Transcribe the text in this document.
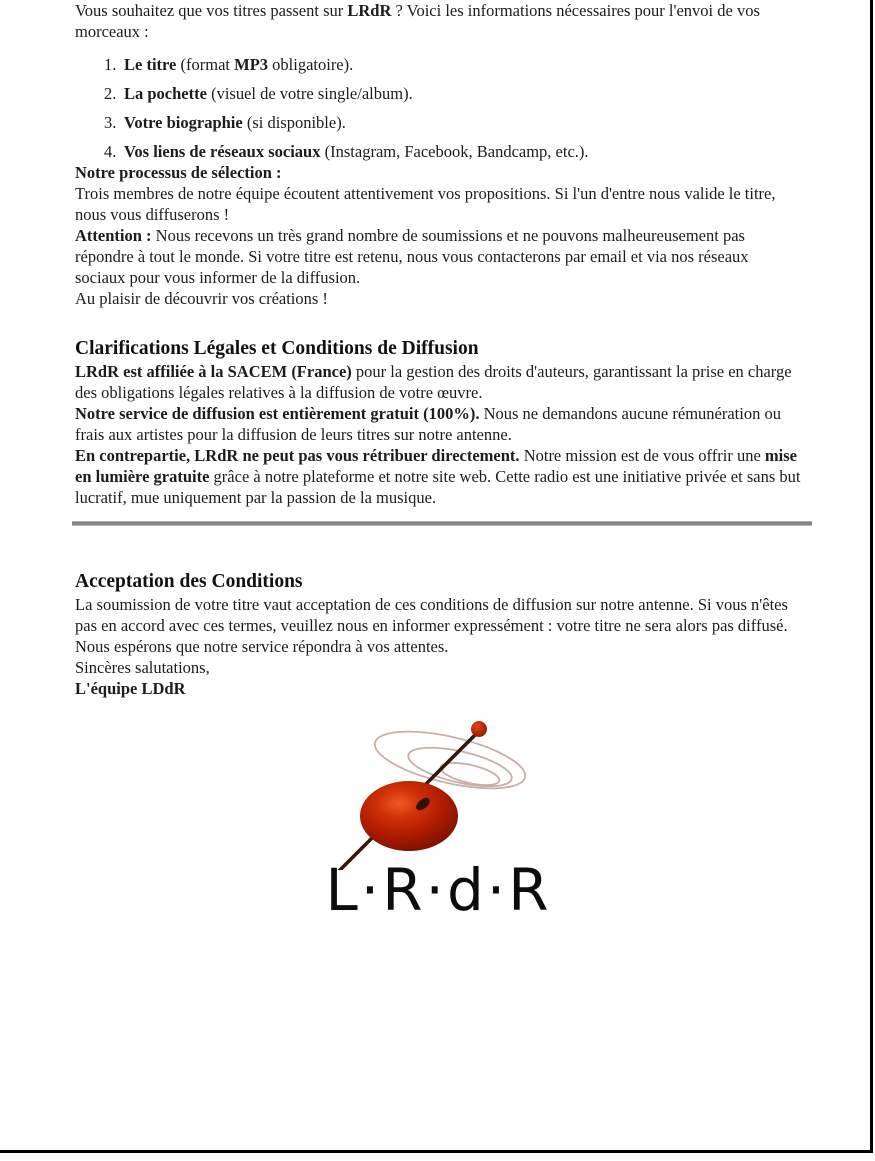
Vous souhaitez que vos titres passent sur LRdR ? Voici les informations nécessaires pour l'envoi de vos morceaux :

1. Le titre (format MP3 obligatoire).
2. La pochette (visuel de votre single/album).
3. Votre biographie (si disponible).
4. Vos liens de réseaux sociaux (Instagram, Facebook, Bandcamp, etc.).

Notre processus de sélection :

Trois membres de notre équipe écoutent attentivement vos propositions. Si l'un d'entre nous valide le titre, nous vous diffuserons !

Attention : Nous recevons un très grand nombre de soumissions et ne pouvons malheureusement pas répondre à tout le monde. Si votre titre est retenu, nous vous contacterons par email et via nos réseaux sociaux pour vous informer de la diffusion.

Au plaisir de découvrir vos créations !

Clarifications Légales et Conditions de Diffusion

LRdR est affiliée à la SACEM (France) pour la gestion des droits d'auteurs, garantissant la prise en charge des obligations légales relatives à la diffusion de votre œuvre.

Notre service de diffusion est entièrement gratuit (100%). Nous ne demandons aucune rémunération ou frais aux artistes pour la diffusion de leurs titres sur notre antenne.

En contrepartie, LRdR ne peut pas vous rétribuer directement. Notre mission est de vous offrir une mise en lumière gratuite grâce à notre plateforme et notre site web. Cette radio est une initiative privée et sans but lucratif, mue uniquement par la passion de la musique.

Acceptation des Conditions

La soumission de votre titre vaut acceptation de ces conditions de diffusion sur notre antenne. Si vous n'êtes pas en accord avec ces termes, veuillez nous en informer expressément : votre titre ne sera alors pas diffusé.

Nous espérons que notre service répondra à vos attentes.

Sincères salutations,

L'équipe LDdR

L·R·d·R
